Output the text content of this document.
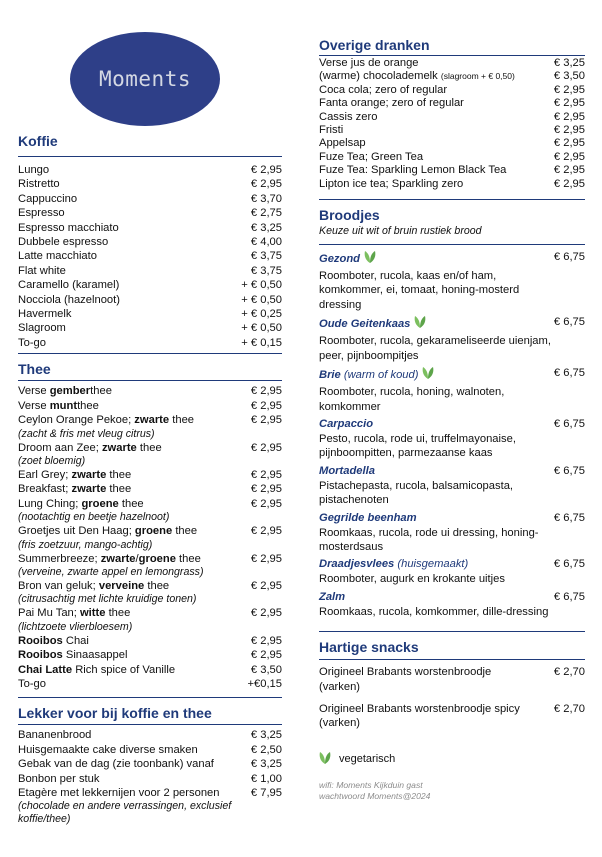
Moments
Koffie
Lungo	€ 2,95
Ristretto	€ 2,95
Cappuccino	€ 3,70
Espresso	€ 2,75
Espresso macchiato	€ 3,25
Dubbele espresso	€ 4,00
Latte macchiato	€ 3,75
Flat white	€ 3,75
Caramello (karamel)	+ € 0,50
Nocciola (hazelnoot)	+ € 0,50
Havermelk	+ € 0,25
Slagroom	+ € 0,50
To-go	+ € 0,15
Thee
Verse gemberthee	€ 2,95
Verse muntthee	€ 2,95
Ceylon Orange Pekoe; zwarte thee	€ 2,95
(zacht & fris met vleug citrus)
Droom aan Zee; zwarte thee	€ 2,95
(zoet bloemig)
Earl Grey; zwarte thee	€ 2,95
Breakfast; zwarte thee	€ 2,95
Lung Ching; groene thee	€ 2,95
(nootachtig en beetje hazelnoot)
Groetjes uit Den Haag; groene thee	€ 2,95
(fris zoetzuur, mango-achtig)
Summerbreeze; zwarte/groene thee	€ 2,95
(verveine, zwarte appel en lemongrass)
Bron van geluk; verveine thee	€ 2,95
(citrusachtig met lichte kruidige tonen)
Pai Mu Tan; witte thee	€ 2,95
(lichtzoete vlierbloesem)
Rooibos Chai	€ 2,95
Rooibos Sinaasappel	€ 2,95
Chai Latte Rich spice of Vanille	€ 3,50
To-go	+€0,15
Lekker voor bij koffie en thee
Bananenbrood	€ 3,25
Huisgemaakte cake diverse smaken	€ 2,50
Gebak van de dag (zie toonbank) vanaf	€ 3,25
Bonbon per stuk	€ 1,00
Etagère met lekkernijen voor 2 personen	€ 7,95
(chocolade en andere verrassingen, exclusief koffie/thee)
Overige dranken
Verse jus de orange	€ 3,25
(warme) chocolademelk (slagroom + € 0,50)	€ 3,50
Coca cola; zero of regular	€ 2,95
Fanta orange; zero of regular	€ 2,95
Cassis zero	€ 2,95
Fristi	€ 2,95
Appelsap	€ 2,95
Fuze Tea; Green Tea	€ 2,95
Fuze Tea: Sparkling Lemon Black Tea	€ 2,95
Lipton ice tea; Sparkling zero	€ 2,95
Broodjes
Keuze uit wit of bruin rustiek brood
Gezond	€ 6,75
Roomboter, rucola, kaas en/of ham, komkommer, ei, tomaat, honing-mosterd dressing
Oude Geitenkaas	€ 6,75
Roomboter, rucola, gekarameliseerde uienjam, peer, pijnboompitjes
Brie (warm of koud)	€ 6,75
Roomboter, rucola, honing, walnoten, komkommer
Carpaccio	€ 6,75
Pesto, rucola, rode ui, truffelmayonaise, pijnboompitten, parmezaanse kaas
Mortadella	€ 6,75
Pistachepasta, rucola, balsamicopasta, pistachenoten
Gegrilde beenham	€ 6,75
Roomkaas, rucola, rode ui dressing, honing-mosterdsaus
Draadjesvlees (huisgemaakt)	€ 6,75
Roomboter, augurk en krokante uitjes
Zalm	€ 6,75
Roomkaas, rucola, komkommer, dille-dressing
Hartige snacks
Origineel Brabants worstenbroodje (varken)
€ 2,70
Origineel Brabants worstenbroodje spicy (varken)
€ 2,70
vegetarisch
wifi: Moments Kijkduin gast
wachtwoord Moments@2024
